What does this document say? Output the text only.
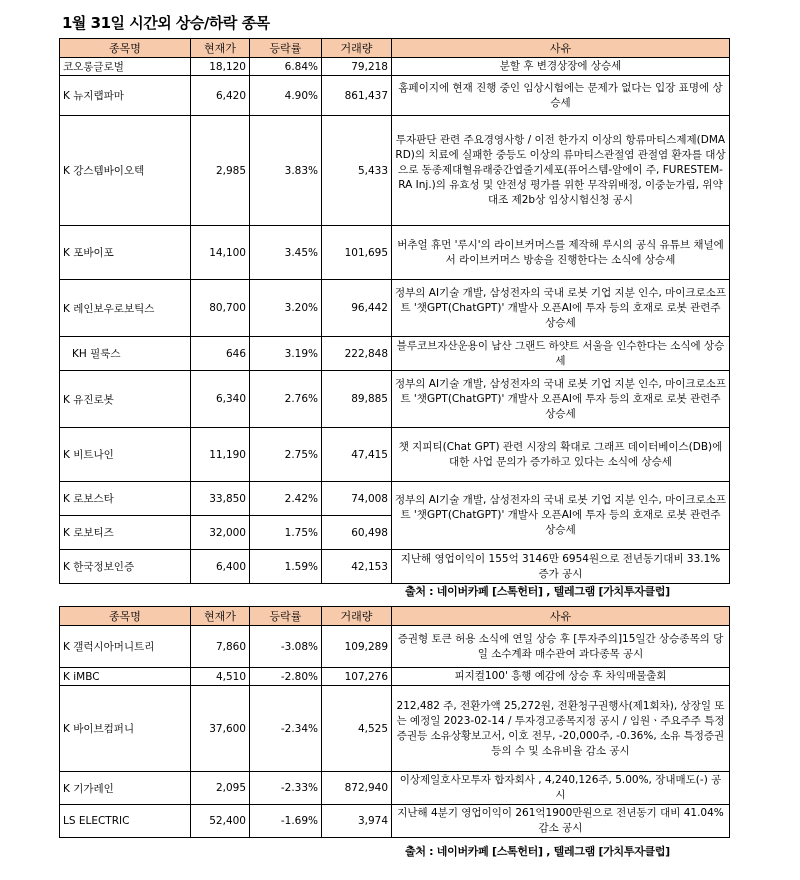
1월 31일 시간외 상승/하락 종목
종목명	현재가	등락률	거래량	사유
코오롱글로벌	18,120	6.84%	79,218	분할 후 변경상장에 상승세
K 뉴지랩파마	6,420	4.90%	861,437	홈페이지에 현재 진행 중인 임상시험에는 문제가 없다는 입장 표명에 상승세
K 강스템바이오텍	2,985	3.83%	5,433	투자판단 관련 주요경영사항 / 이전 한가지 이상의 항류마티스제제(DMARD)의 치료에 실패한 중등도 이상의 류마티스관절염 관절염 환자를 대상으로 동종제대혈유래중간엽줄기세포(퓨어스템-알에이 주, FURESTEM-RA Inj.)의 유효성 및 안전성 평가를 위한 무작위배정, 이중눈가림, 위약대조 제2b상 임상시험신청 공시
K 포바이포	14,100	3.45%	101,695	버추얼 휴먼 '루시'의 라이브커머스를 제작해 루시의 공식 유튜브 채널에서 라이브커머스 방송을 진행한다는 소식에 상승세
K 레인보우로보틱스	80,700	3.20%	96,442	정부의 AI기술 개발, 삼성전자의 국내 로봇 기업 지분 인수, 마이크로소프트 '챗GPT(ChatGPT)' 개발사 오픈AI에 투자 등의 호재로 로봇 관련주 상승세
KH 필룩스	646	3.19%	222,848	블루코브자산운용이 남산 그랜드 하얏트 서울을 인수한다는 소식에 상승세
K 유진로봇	6,340	2.76%	89,885	정부의 AI기술 개발, 삼성전자의 국내 로봇 기업 지분 인수, 마이크로소프트 '챗GPT(ChatGPT)' 개발사 오픈AI에 투자 등의 호재로 로봇 관련주 상승세
K 비트나인	11,190	2.75%	47,415	챗 지피티(Chat GPT) 관련 시장의 확대로 그래프 데이터베이스(DB)에 대한 사업 문의가 증가하고 있다는 소식에 상승세
K 로보스타	33,850	2.42%	74,008	정부의 AI기술 개발, 삼성전자의 국내 로봇 기업 지분 인수, 마이크로소프트 '챗GPT(ChatGPT)' 개발사 오픈AI에 투자 등의 호재로 로봇 관련주 상승세
K 로보티즈	32,000	1.75%	60,498	
K 한국정보인증	6,400	1.59%	42,153	지난해 영업이익이 155억 3146만 6954원으로 전년동기대비 33.1% 증가 공시
출처 : 네이버카페 [스톡헌터] , 텔레그램 [가치투자클럽]
종목명	현재가	등락률	거래량	사유
K 갤럭시아머니트리	7,860	-3.08%	109,289	증권형 토큰 허용 소식에 연일 상승 후 [투자주의]15일간 상승종목의 당일 소수계좌 매수관여 과다종목 공시
K iMBC	4,510	-2.80%	107,276	피지컬100' 흥행 예감에 상승 후 차익매물출회
K 바이브컴퍼니	37,600	-2.34%	4,525	212,482 주, 전환가액 25,272원, 전환청구권행사(제1회차), 상장일 또는 예정일 2023-02-14 / 투자경고종목지정 공시 / 임원ㆍ주요주주 특정증권등 소유상황보고서, 이호 전무, -20,000주, -0.36%, 소유 특정증권등의 수 및 소유비율 감소 공시
K 기가레인	2,095	-2.33%	872,940	이상제일호사모투자 합자회사 , 4,240,126주, 5.00%, 장내매도(-) 공시
LS ELECTRIC	52,400	-1.69%	3,974	지난해 4분기 영업이익이 261억1900만원으로 전년동기 대비 41.04% 감소 공시
출처 : 네이버카페 [스톡헌터] , 텔레그램 [가치투자클럽]
